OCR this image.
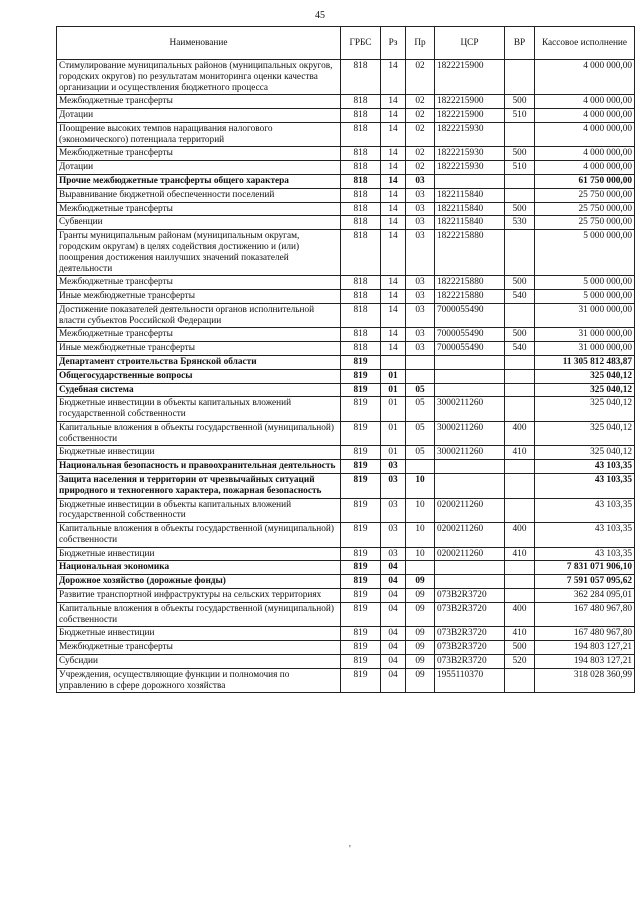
45
Наименование	ГРБС	Рз	Пр	ЦСР	ВР	Кассовое исполнение
Стимулирование муниципальных районов (муниципальных округов, городских округов) по результатам мониторинга оценки качества организации и осуществления бюджетного процесса	818	14	02	1822215900		4 000 000,00
Межбюджетные трансферты	818	14	02	1822215900	500	4 000 000,00
Дотации	818	14	02	1822215900	510	4 000 000,00
Поощрение высоких темпов наращивания налогового (экономического) потенциала территорий	818	14	02	1822215930		4 000 000,00
Межбюджетные трансферты	818	14	02	1822215930	500	4 000 000,00
Дотации	818	14	02	1822215930	510	4 000 000,00
Прочие межбюджетные трансферты общего характера	818	14	03			61 750 000,00
Выравнивание бюджетной обеспеченности поселений	818	14	03	1822115840		25 750 000,00
Межбюджетные трансферты	818	14	03	1822115840	500	25 750 000,00
Субвенции	818	14	03	1822115840	530	25 750 000,00
Гранты муниципальным районам (муниципальным округам, городским округам) в целях содействия достижению и (или) поощрения достижения наилучших значений показателей деятельности	818	14	03	1822215880		5 000 000,00
Межбюджетные трансферты	818	14	03	1822215880	500	5 000 000,00
Иные межбюджетные трансферты	818	14	03	1822215880	540	5 000 000,00
Достижение показателей деятельности органов исполнительной власти субъектов Российской Федерации	818	14	03	7000055490		31 000 000,00
Межбюджетные трансферты	818	14	03	7000055490	500	31 000 000,00
Иные межбюджетные трансферты	818	14	03	7000055490	540	31 000 000,00
Департамент строительства Брянской области	819					11 305 812 483,87
Общегосударственные вопросы	819	01				325 040,12
Судебная система	819	01	05			325 040,12
Бюджетные инвестиции в объекты капитальных вложений государственной собственности	819	01	05	3000211260		325 040,12
Капитальные вложения в объекты государственной (муниципальной) собственности	819	01	05	3000211260	400	325 040,12
Бюджетные инвестиции	819	01	05	3000211260	410	325 040,12
Национальная безопасность и правоохранительная деятельность	819	03				43 103,35
Защита населения и территории от чрезвычайных ситуаций природного и техногенного характера, пожарная безопасность	819	03	10			43 103,35
Бюджетные инвестиции в объекты капитальных вложений государственной собственности	819	03	10	0200211260		43 103,35
Капитальные вложения в объекты государственной (муниципальной) собственности	819	03	10	0200211260	400	43 103,35
Бюджетные инвестиции	819	03	10	0200211260	410	43 103,35
Национальная экономика	819	04				7 831 071 906,10
Дорожное хозяйство (дорожные фонды)	819	04	09			7 591 057 095,62
Развитие транспортной инфраструктуры на сельских территориях	819	04	09	073B2R3720		362 284 095,01
Капитальные вложения в объекты государственной (муниципальной) собственности	819	04	09	073B2R3720	400	167 480 967,80
Бюджетные инвестиции	819	04	09	073B2R3720	410	167 480 967,80
Межбюджетные трансферты	819	04	09	073B2R3720	500	194 803 127,21
Субсидии	819	04	09	073B2R3720	520	194 803 127,21
Учреждения, осуществляющие функции и полномочия по управлению в сфере дорожного хозяйства	819	04	09	1955110370		318 028 360,99
'
